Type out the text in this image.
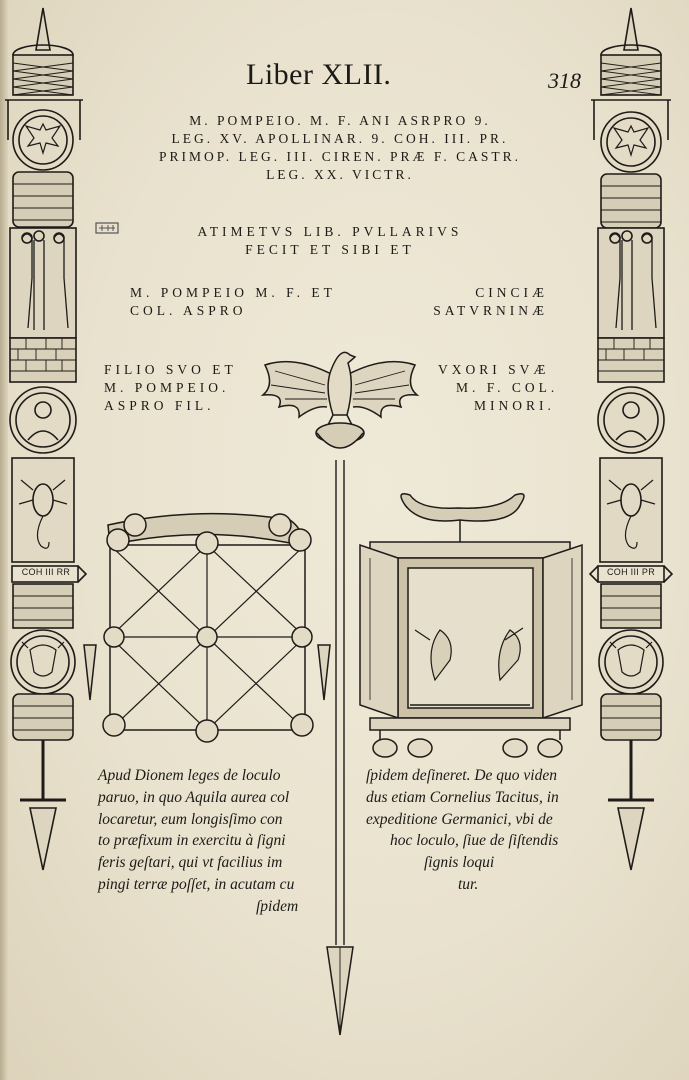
Liber XLII.	318
M. POMPEIO. M. F. ANI ASRPRO 9.
LEG. XV. APOLLINAR. 9. COH. III. PR.
PRIMOP. LEG. III. CIREN. PRÆ F. CASTR.
LEG. XX. VICTR.
ATIMETVS LIB. PVLLARIVS
FECIT ET SIBI ET
M. POMPEIO M. F. ET
COL. ASPRO
CINCIÆ
SATVRNINÆ
FILIO SVO ET
M. POMPEIO.
ASPRO FIL.
VXORI SVÆ
M. F. COL.
MINORI.
COH III RR	COH III PR
Apud Dionem leges de loculo
paruo, in quo Aquila aurea col
locaretur, eum longisſimo con
to præfixum in exercitu à ſigni
feris geſtari, qui vt facilius im
pingi terræ poſſet, in acutam cu
ſpidem
ſpidem deſineret. De quo viden
dus etiam Cornelius Tacitus, in
expeditione Germanici, vbi de
hoc loculo, ſiue de ſiſtendis
ſignis loqui
tur.
